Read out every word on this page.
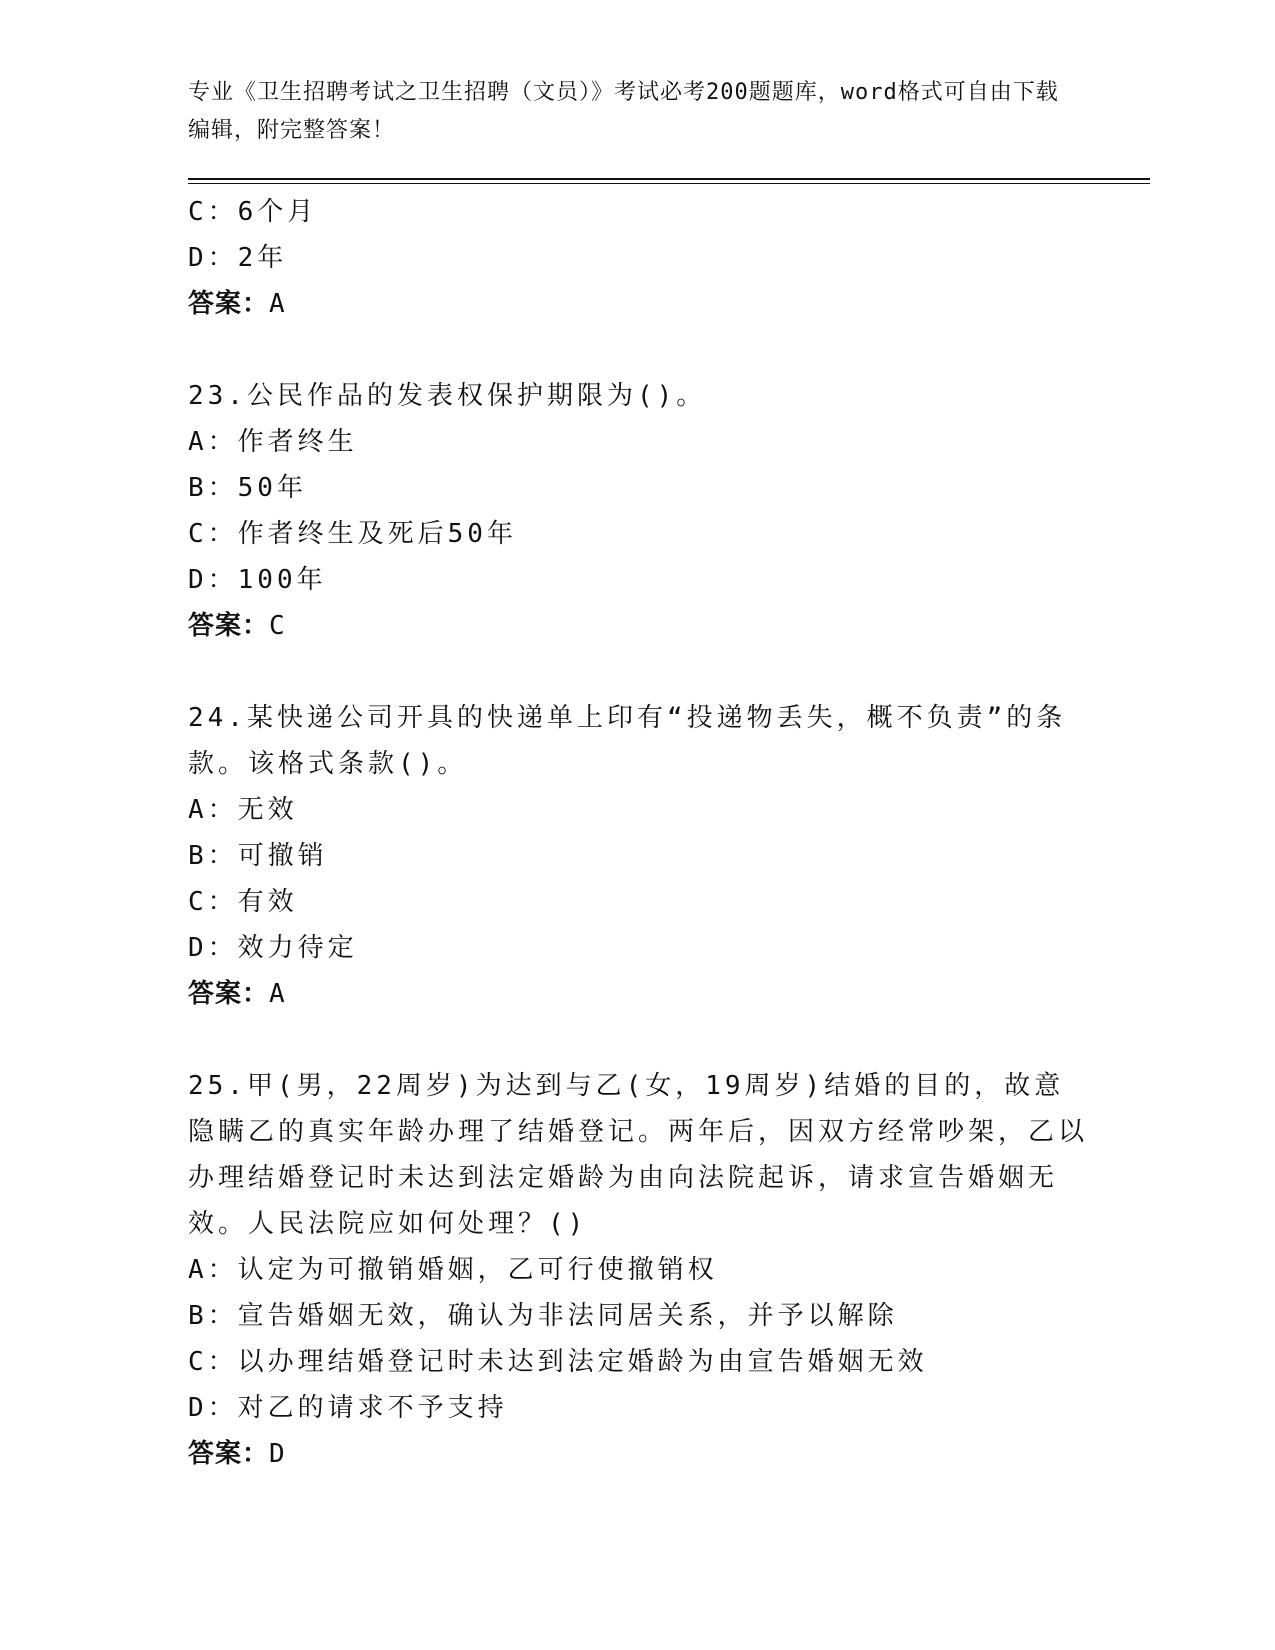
专业《卫生招聘考试之卫生招聘（文员）》考试必考200题题库，word格式可自由下载编辑，附完整答案！
C：6个月
D：2年
答案：A
23.公民作品的发表权保护期限为()。
A：作者终生
B：50年
C：作者终生及死后50年
D：100年
答案：C
24.某快递公司开具的快递单上印有“投递物丢失，概不负责”的条款。该格式条款()。
A：无效
B：可撤销
C：有效
D：效力待定
答案：A
25.甲(男，22周岁)为达到与乙(女，19周岁)结婚的目的，故意隐瞒乙的真实年龄办理了结婚登记。两年后，因双方经常吵架，乙以办理结婚登记时未达到法定婚龄为由向法院起诉，请求宣告婚姻无效。人民法院应如何处理？()
A：认定为可撤销婚姻，乙可行使撤销权
B：宣告婚姻无效，确认为非法同居关系，并予以解除
C：以办理结婚登记时未达到法定婚龄为由宣告婚姻无效
D：对乙的请求不予支持
答案：D
